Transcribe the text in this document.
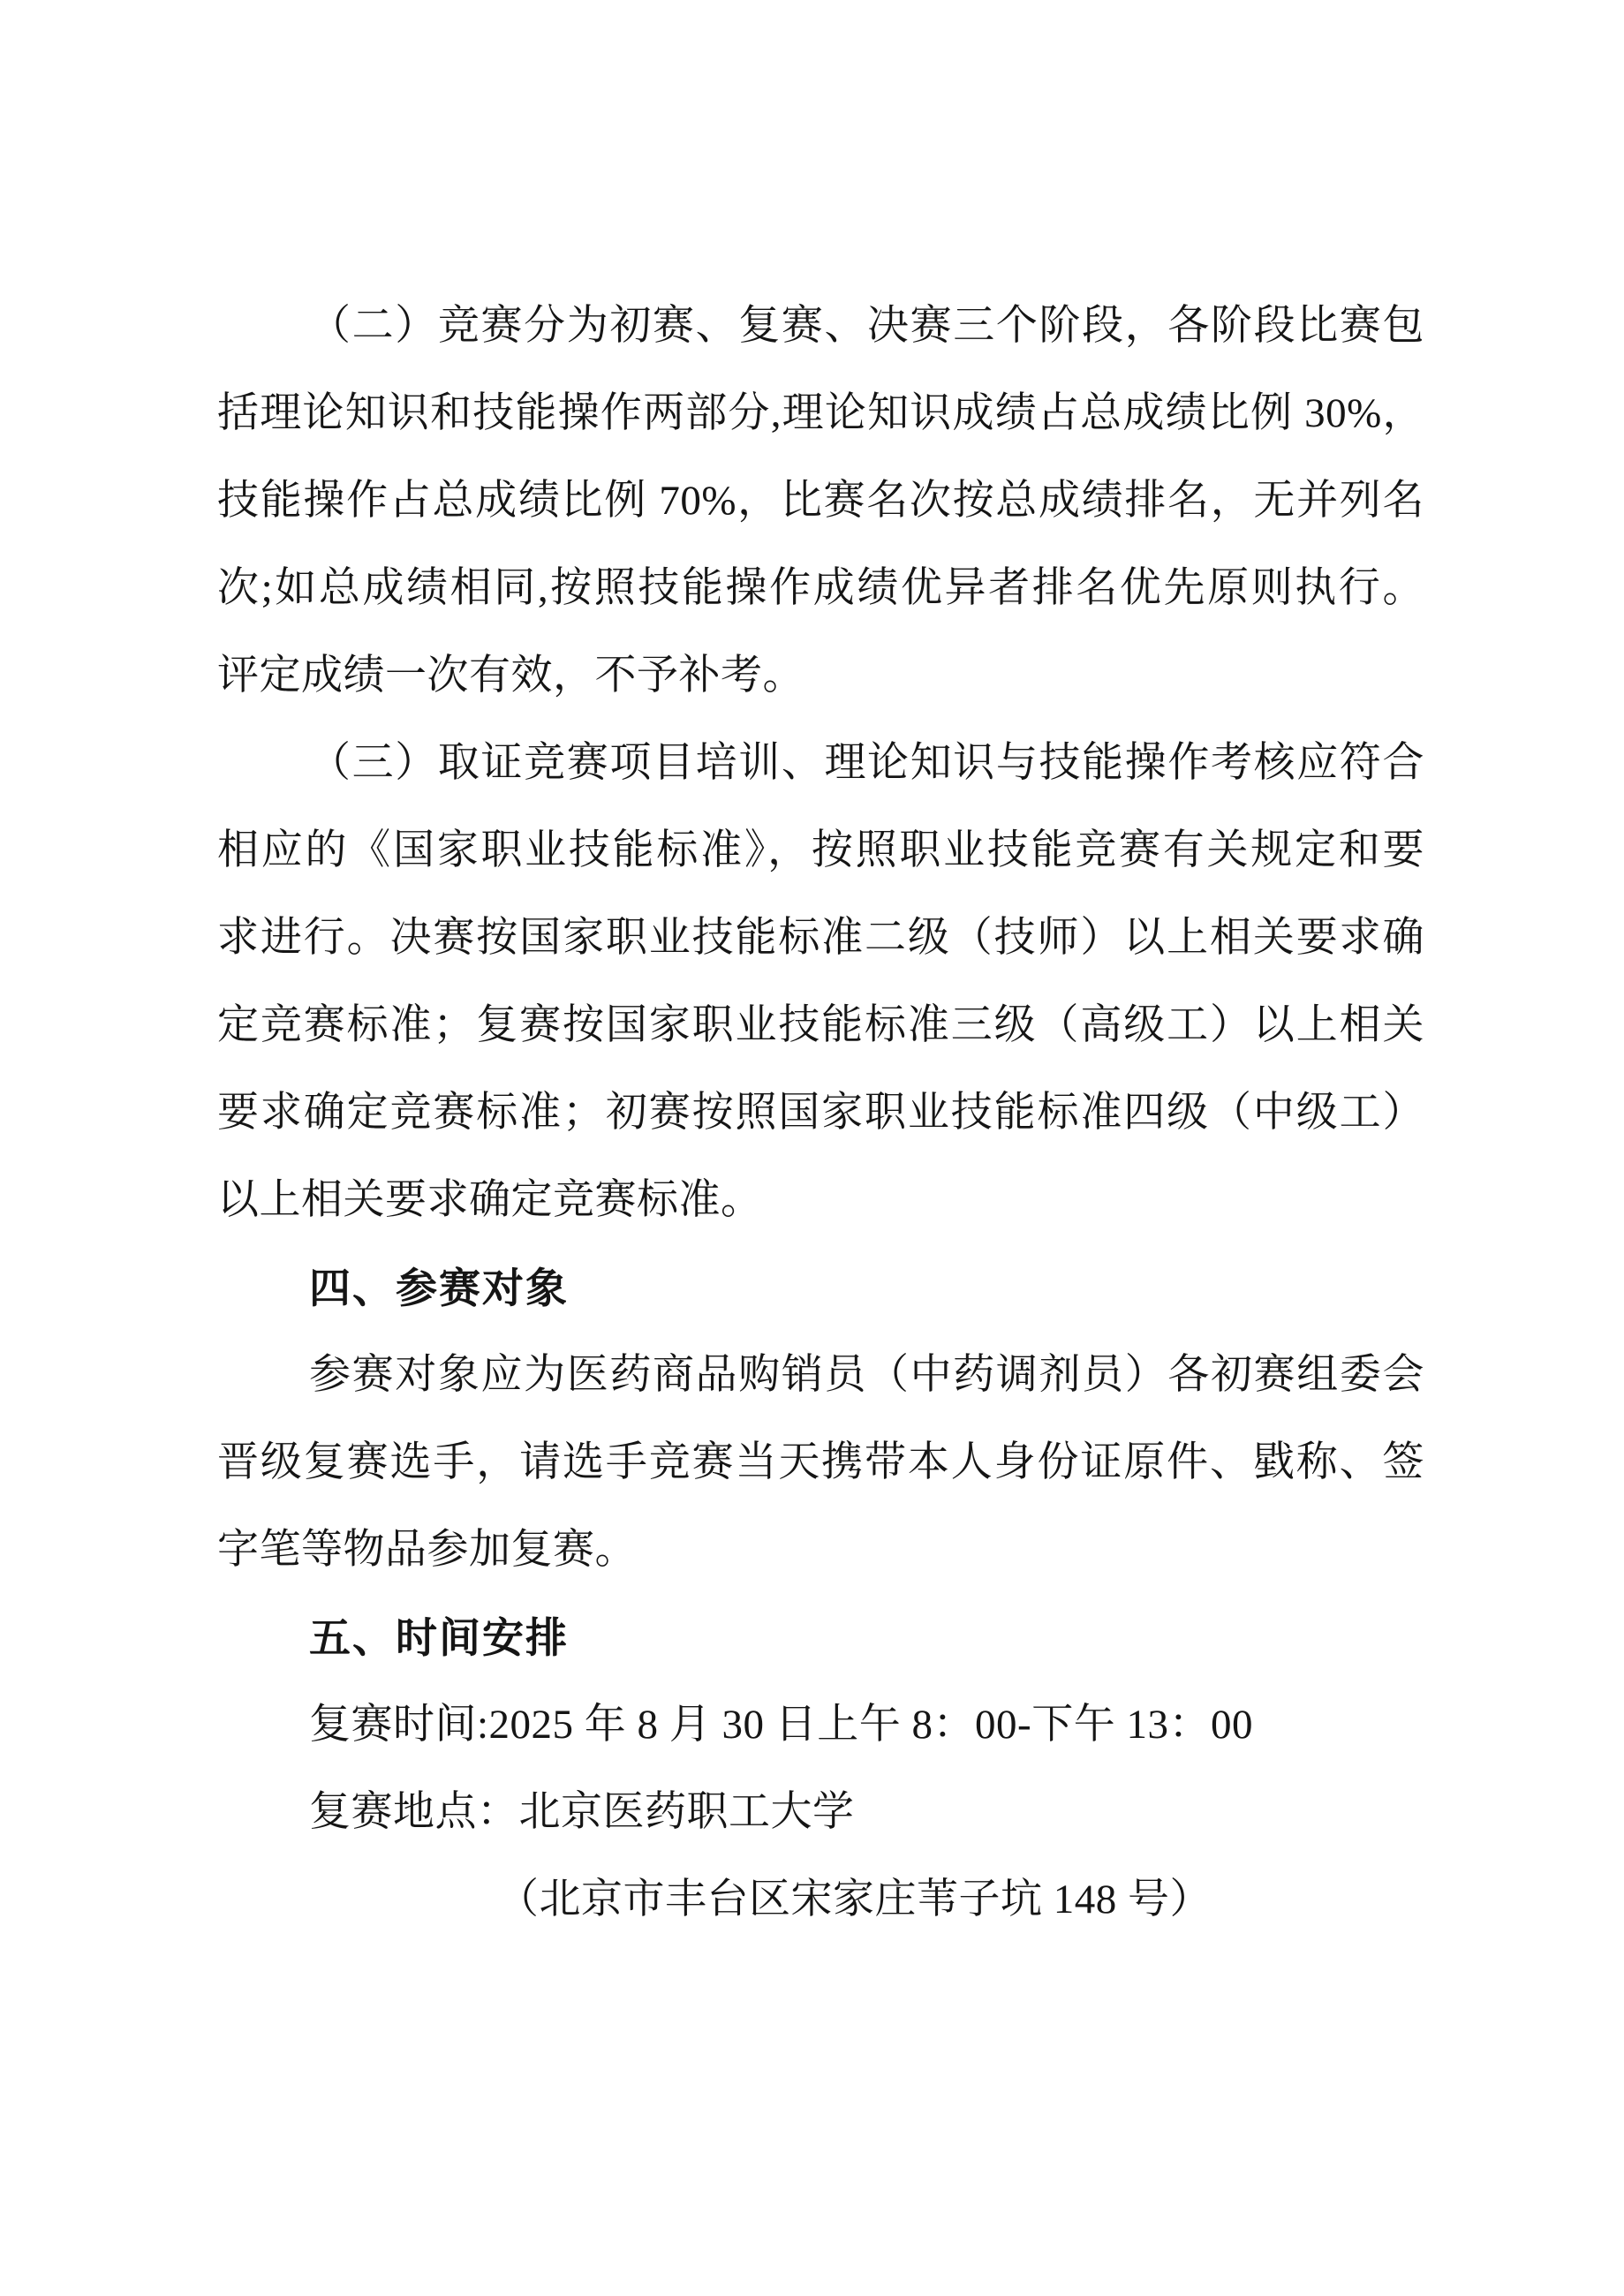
（二）竞赛分为初赛、复赛、决赛三个阶段，各阶段比赛包
括理论知识和技能操作两部分,理论知识成绩占总成绩比例 30%，
技能操作占总成绩比例 70%，比赛名次按总成绩排名，无并列名
次;如总成绩相同,按照技能操作成绩优异者排名优先原则执行。
评定成绩一次有效，不予补考。
（三）取证竞赛项目培训、理论知识与技能操作考核应符合
相应的《国家职业技能标准》，按照职业技能竞赛有关规定和要
求进行。决赛按国家职业技能标准二级（技师）以上相关要求确
定竞赛标准；复赛按国家职业技能标准三级（高级工）以上相关
要求确定竞赛标准；初赛按照国家职业技能标准四级（中级工）
以上相关要求确定竞赛标准。
四、参赛对象
参赛对象应为医药商品购销员（中药调剂员）各初赛组委会
晋级复赛选手，请选手竞赛当天携带本人身份证原件、戥称、签
字笔等物品参加复赛。
五、时间安排
复赛时间:2025 年 8 月 30 日上午 8：00-下午 13：00
复赛地点：北京医药职工大学
（北京市丰台区宋家庄苇子坑 148 号）
